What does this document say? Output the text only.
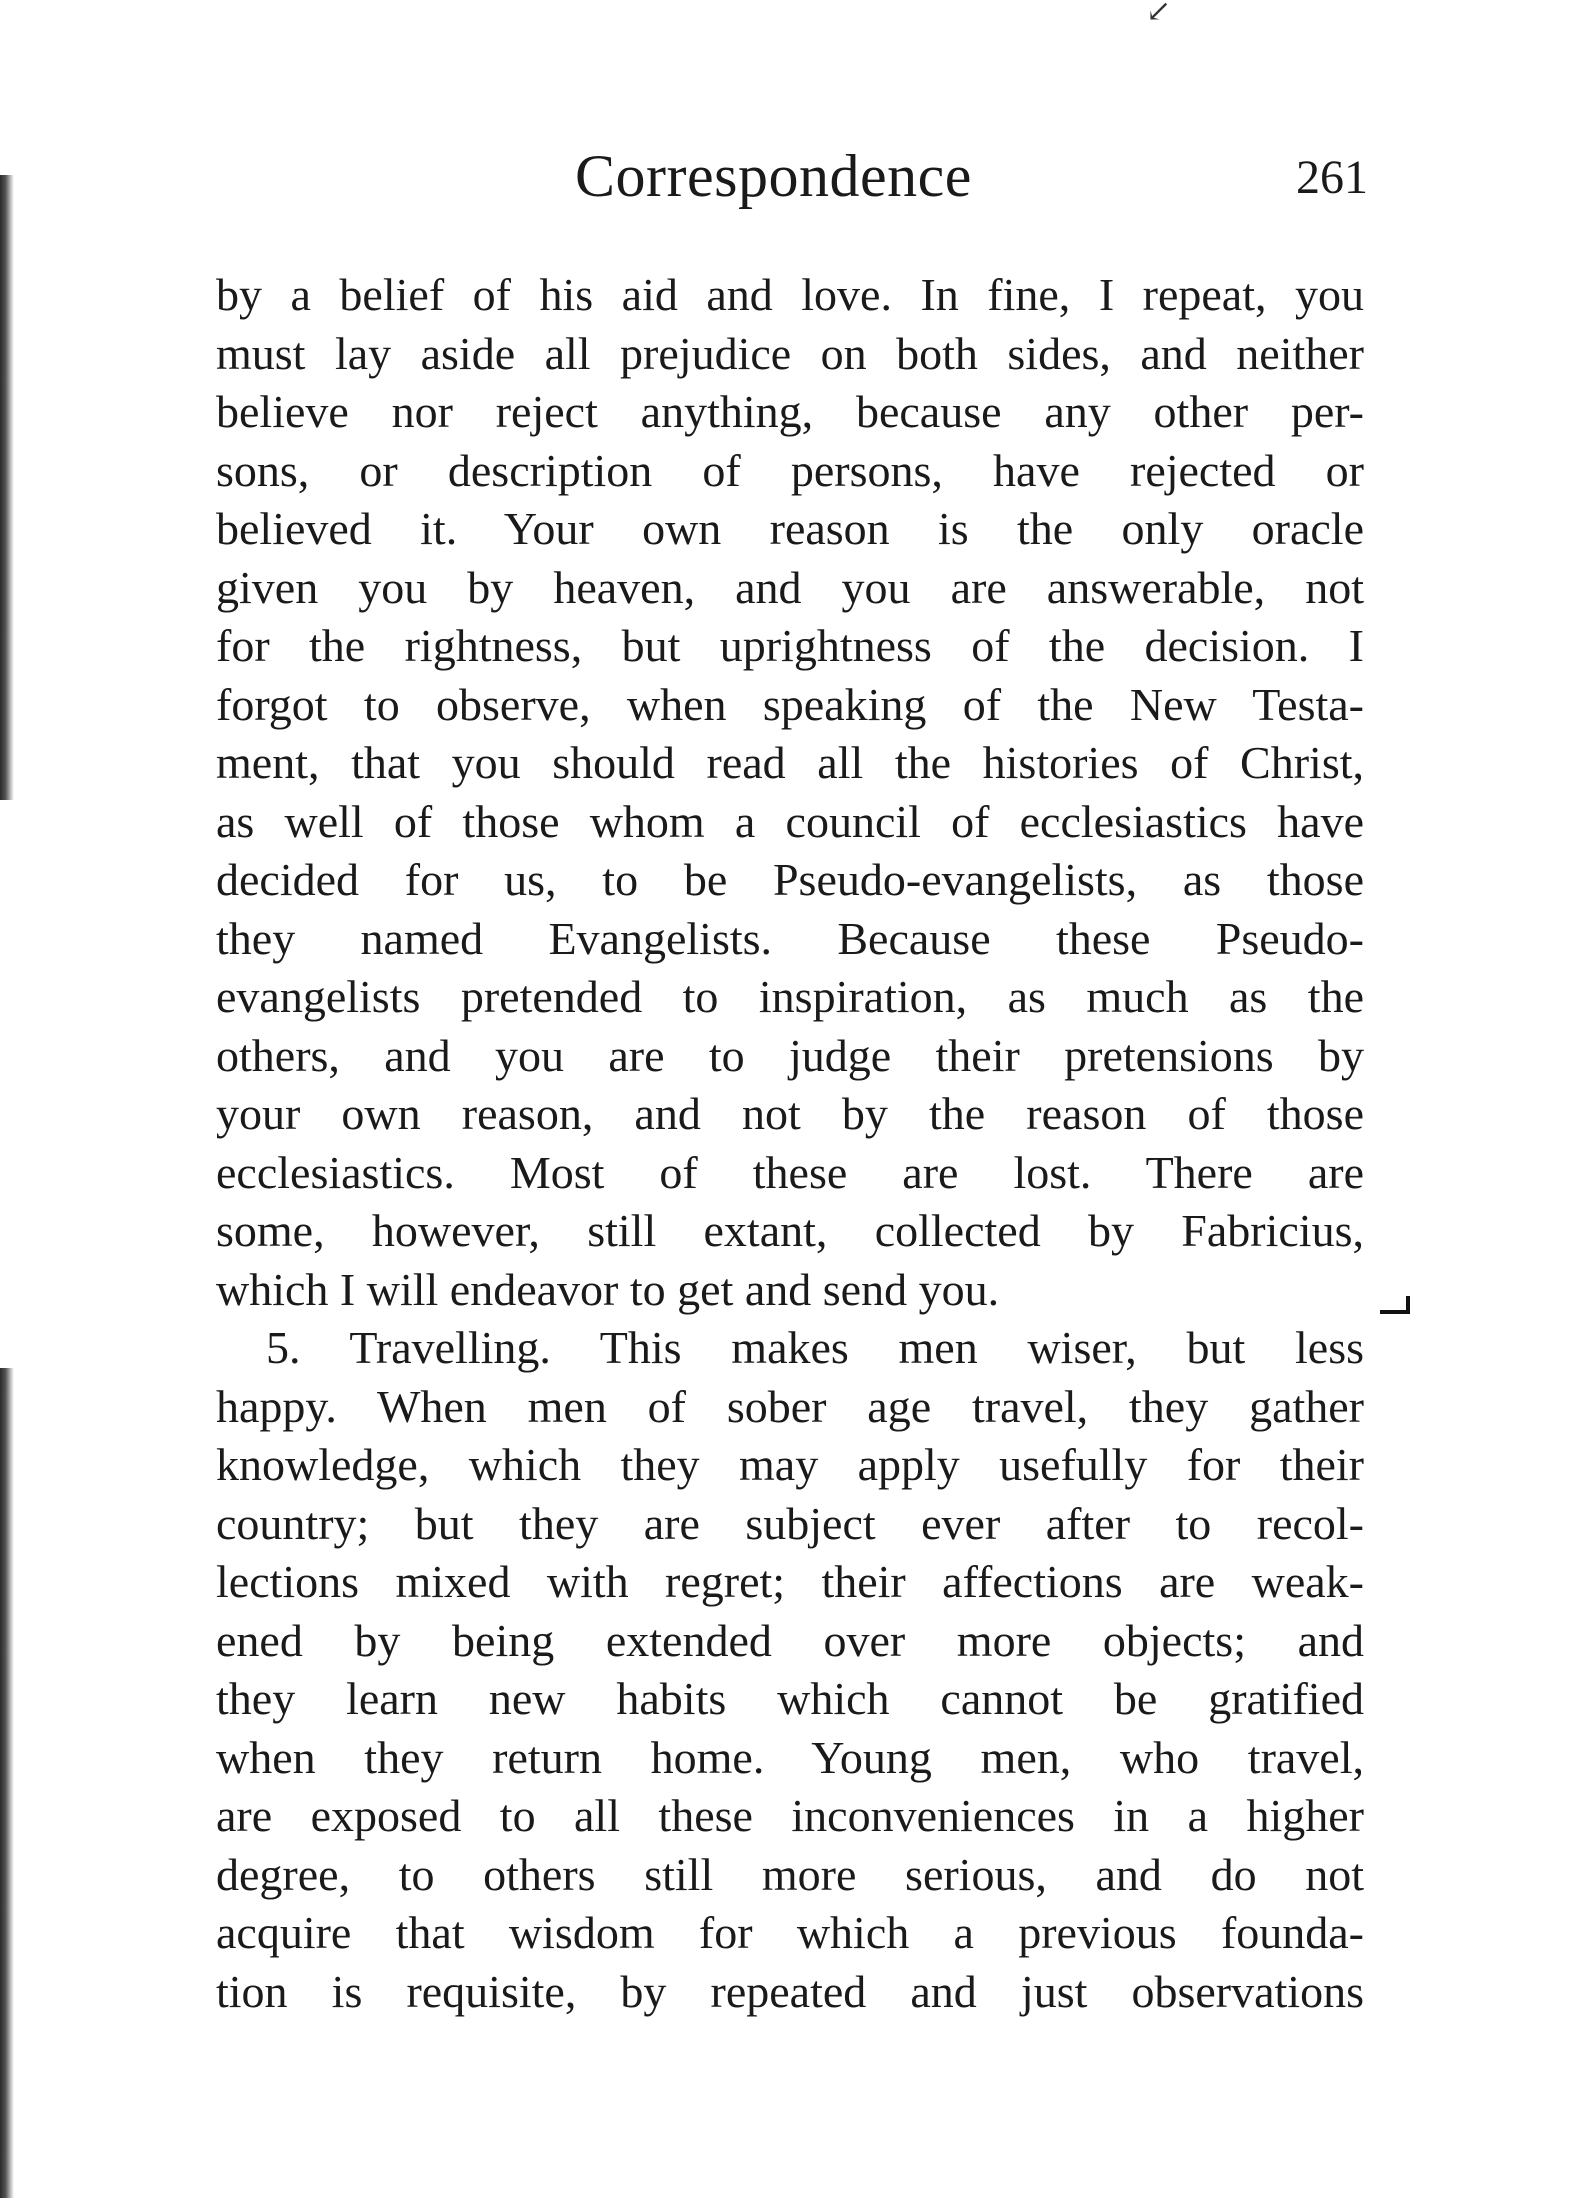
↙
Correspondence	261
by a belief of his aid and love. In fine, I repeat, you
must lay aside all prejudice on both sides, and neither
believe nor reject anything, because any other per-
sons, or description of persons, have rejected or
believed it. Your own reason is the only oracle
given you by heaven, and you are answerable, not
for the rightness, but uprightness of the decision. I
forgot to observe, when speaking of the New Testa-
ment, that you should read all the histories of Christ,
as well of those whom a council of ecclesiastics have
decided for us, to be Pseudo-evangelists, as those
they named Evangelists. Because these Pseudo-
evangelists pretended to inspiration, as much as the
others, and you are to judge their pretensions by
your own reason, and not by the reason of those
ecclesiastics. Most of these are lost. There are
some, however, still extant, collected by Fabricius,
which I will endeavor to get and send you.
5. Travelling. This makes men wiser, but less
happy. When men of sober age travel, they gather
knowledge, which they may apply usefully for their
country; but they are subject ever after to recol-
lections mixed with regret; their affections are weak-
ened by being extended over more objects; and
they learn new habits which cannot be gratified
when they return home. Young men, who travel,
are exposed to all these inconveniences in a higher
degree, to others still more serious, and do not
acquire that wisdom for which a previous founda-
tion is requisite, by repeated and just observations
